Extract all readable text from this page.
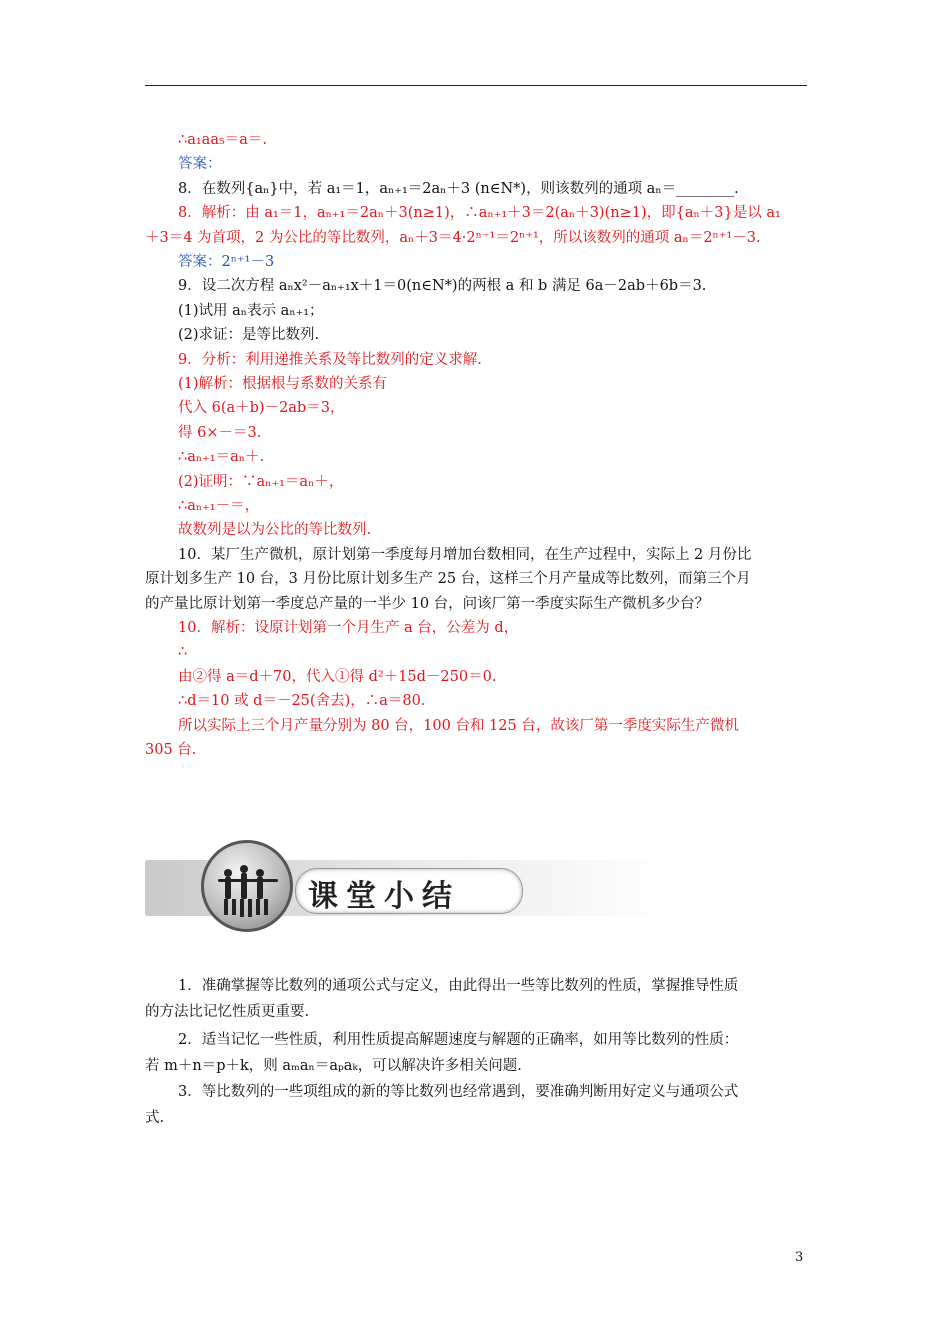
∴a₁aa₅＝a＝.
答案：
8．在数列{aₙ}中，若 a₁＝1，aₙ₊₁＝2aₙ＋3 (n∈N*)，则该数列的通项 aₙ＝________.
8．解析：由 a₁＝1，aₙ₊₁＝2aₙ＋3(n≥1)，∴aₙ₊₁＋3＝2(aₙ＋3)(n≥1)，即{aₙ＋3}是以 a₁
＋3＝4 为首项，2 为公比的等比数列，aₙ＋3＝4·2ⁿ⁻¹＝2ⁿ⁺¹，所以该数列的通项 aₙ＝2ⁿ⁺¹－3.
答案：2ⁿ⁺¹－3
9．设二次方程 aₙx²－aₙ₊₁x＋1＝0(n∈N*)的两根 a 和 b 满足 6a－2ab＋6b＝3.
(1)试用 aₙ表示 aₙ₊₁；
(2)求证：是等比数列.
9．分析：利用递推关系及等比数列的定义求解.
(1)解析：根据根与系数的关系有
代入 6(a＋b)－2ab＝3，
得 6×－＝3.
∴aₙ₊₁＝aₙ＋.
(2)证明：∵aₙ₊₁＝aₙ＋，
∴aₙ₊₁－＝，
故数列是以为公比的等比数列.
10．某厂生产微机，原计划第一季度每月增加台数相同，在生产过程中，实际上 2 月份比
原计划多生产 10 台，3 月份比原计划多生产 25 台，这样三个月产量成等比数列，而第三个月
的产量比原计划第一季度总产量的一半少 10 台，问该厂第一季度实际生产微机多少台？
10．解析：设原计划第一个月生产 a 台，公差为 d，
∴
由②得 a＝d＋70，代入①得 d²＋15d－250＝0.
∴d＝10 或 d＝－25(舍去)，∴a＝80.
所以实际上三个月产量分别为 80 台，100 台和 125 台，故该厂第一季度实际生产微机
305 台.
课堂小结
1．准确掌握等比数列的通项公式与定义，由此得出一些等比数列的性质，掌握推导性质
的方法比记忆性质更重要.
2．适当记忆一些性质，利用性质提高解题速度与解题的正确率，如用等比数列的性质：
若 m＋n＝p＋k，则 aₘaₙ＝aₚaₖ，可以解决许多相关问题.
3．等比数列的一些项组成的新的等比数列也经常遇到，要准确判断用好定义与通项公式
式.
3
